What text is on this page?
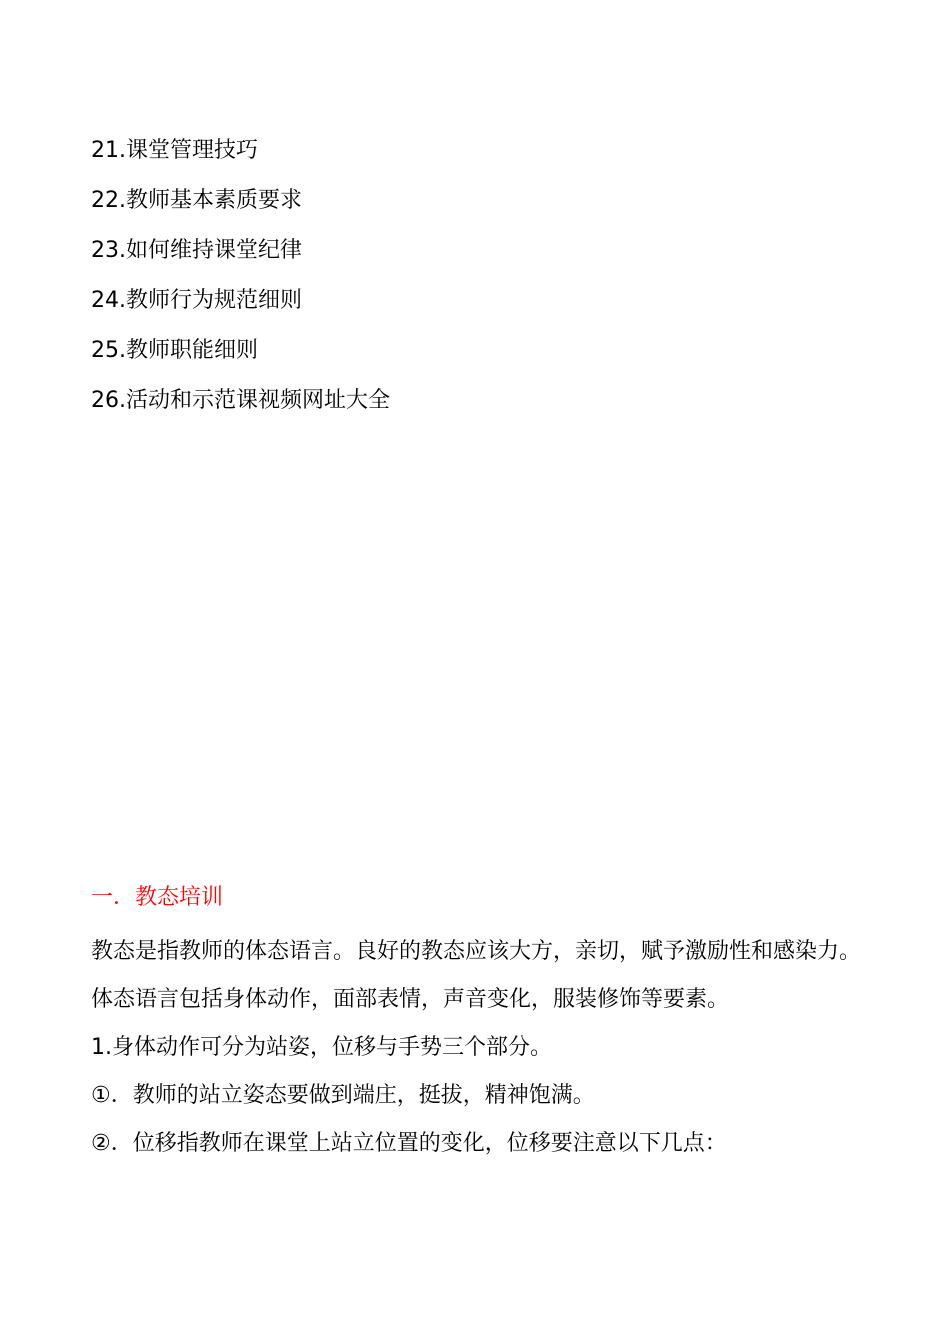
21.课堂管理技巧
22.教师基本素质要求
23.如何维持课堂纪律
24.教师行为规范细则
25.教师职能细则
26.活动和示范课视频网址大全
一．教态培训

教态是指教师的体态语言。良好的教态应该大方，亲切，赋予激励性和感染力。

体态语言包括身体动作，面部表情，声音变化，服装修饰等要素。

1.身体动作可分为站姿，位移与手势三个部分。

①．教师的站立姿态要做到端庄，挺拔，精神饱满。

②．位移指教师在课堂上站立位置的变化，位移要注意以下几点：
